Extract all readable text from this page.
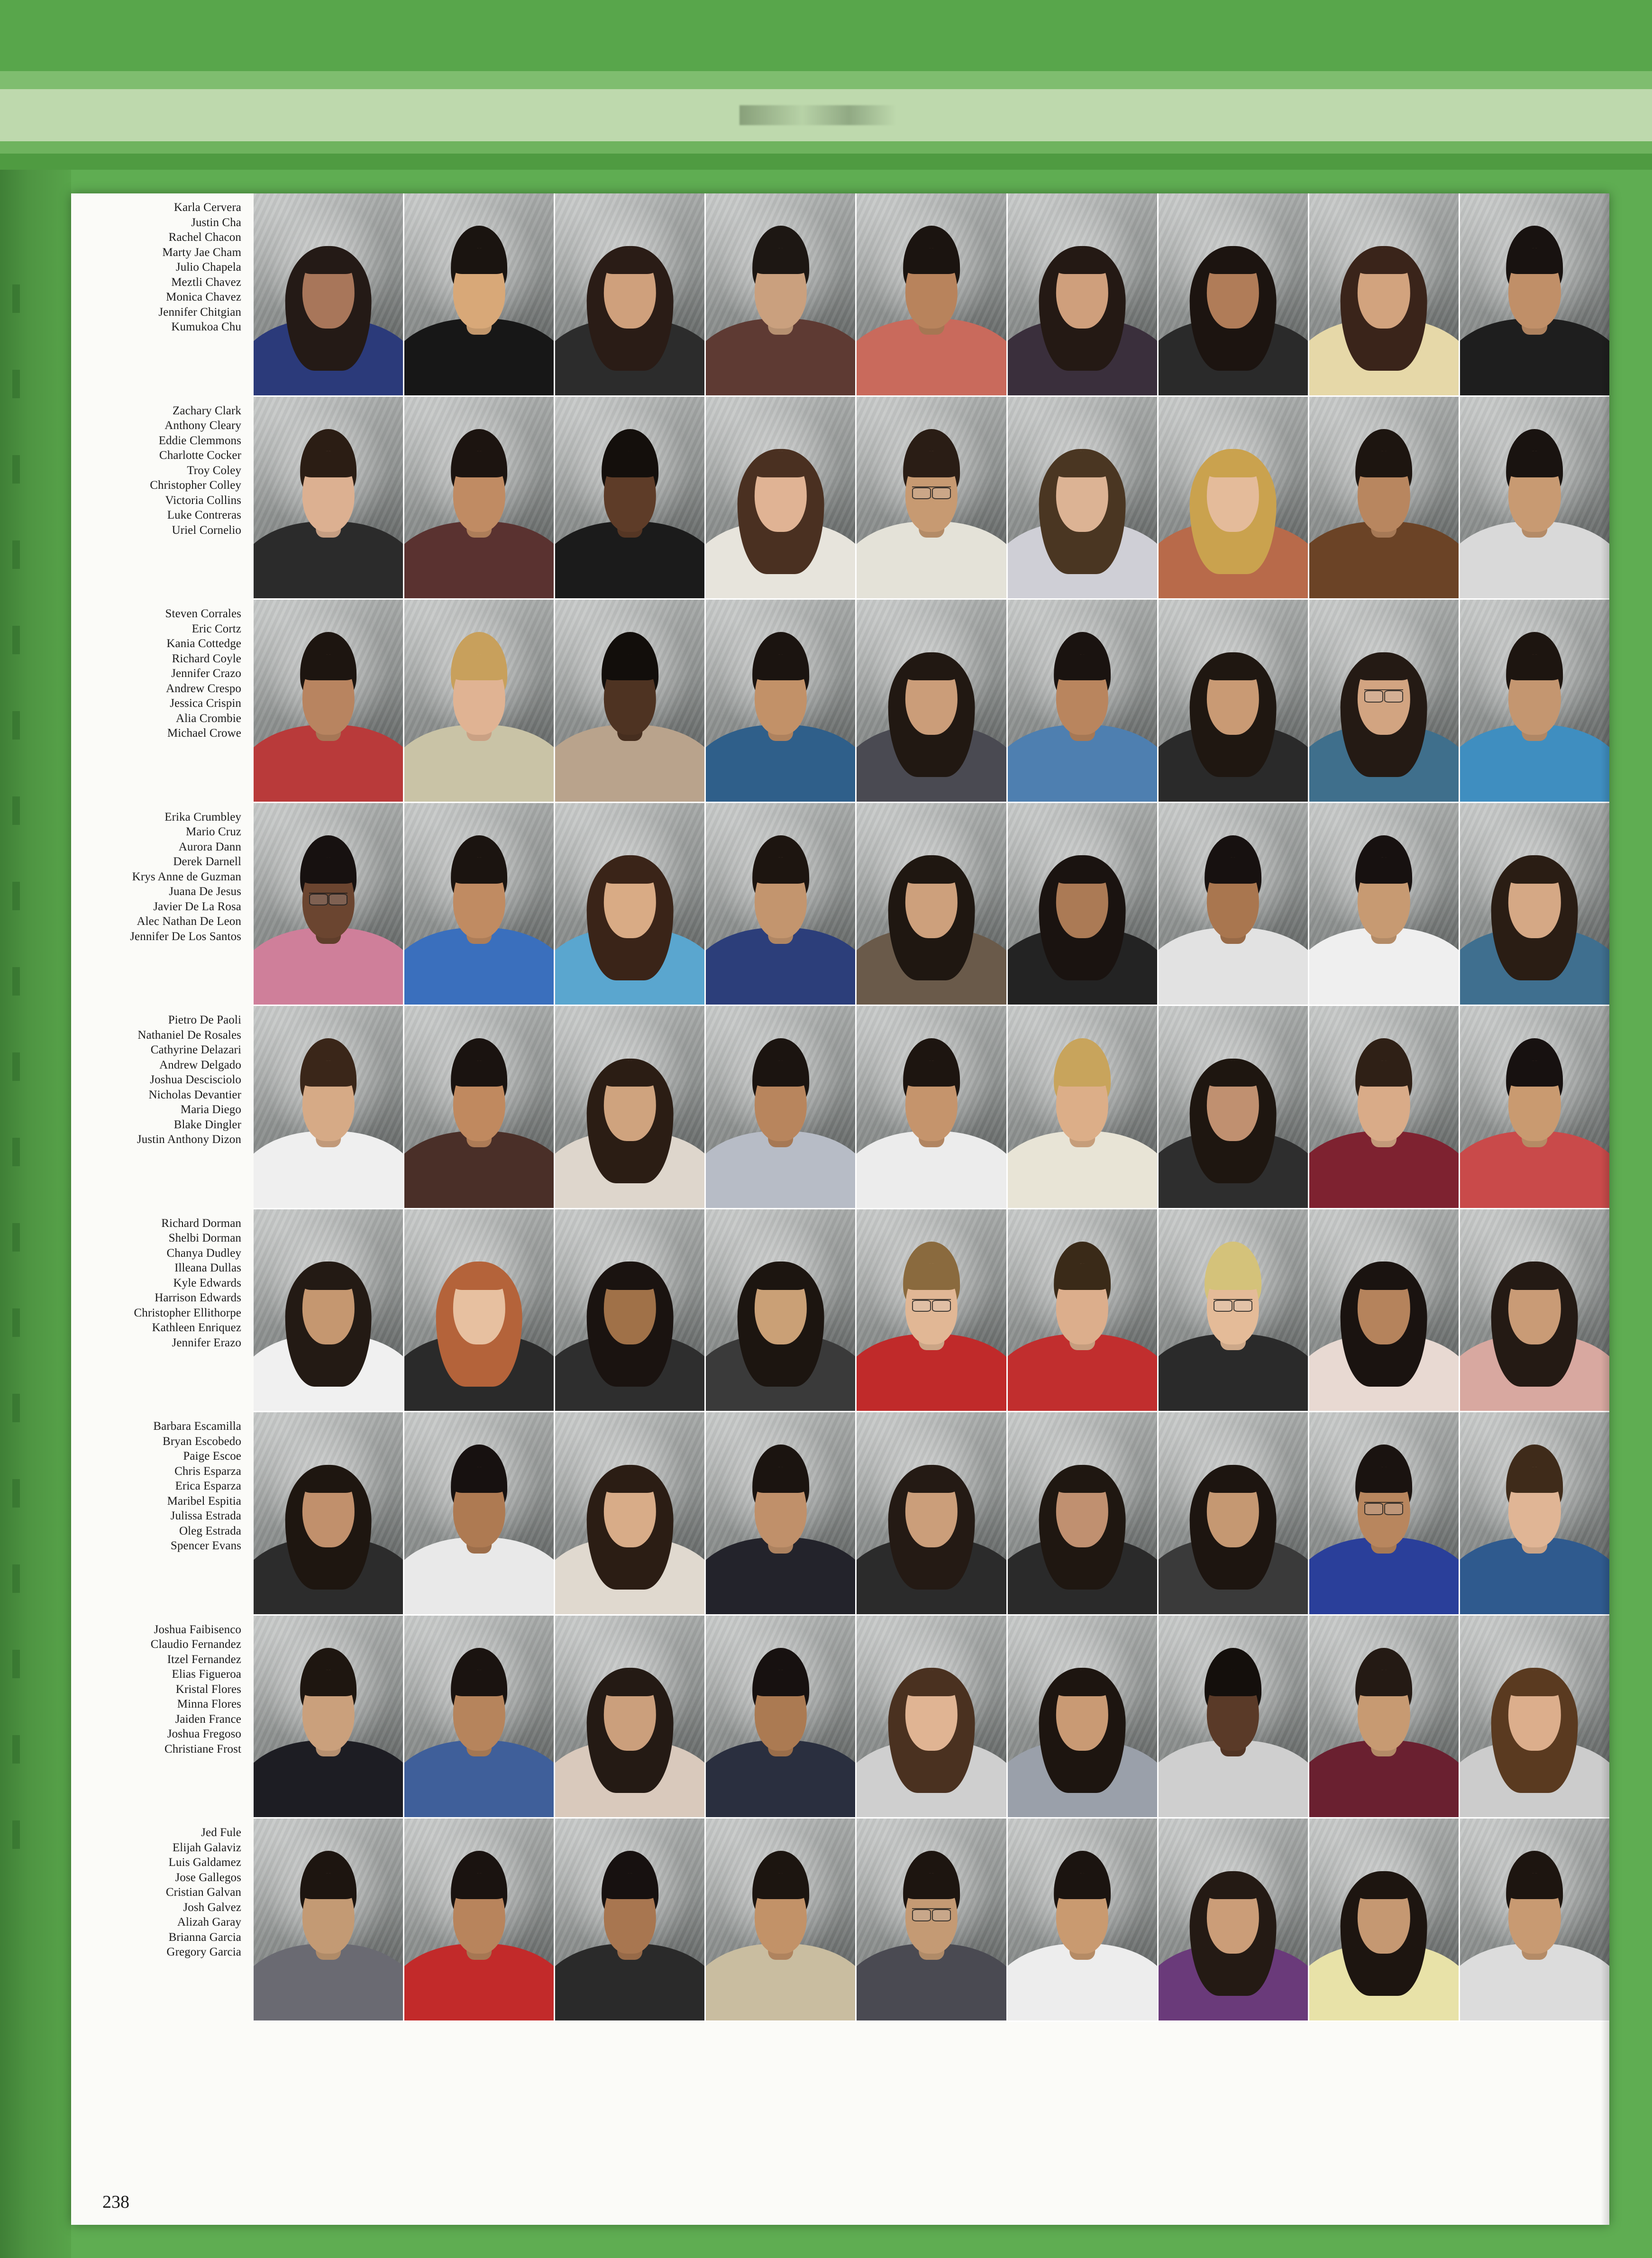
Karla Cervera
Justin Cha
Rachel Chacon
Marty Jae Cham
Julio Chapela
Meztli Chavez
Monica Chavez
Jennifer Chitgian
Kumukoa Chu
Zachary Clark
Anthony Cleary
Eddie Clemmons
Charlotte Cocker
Troy Coley
Christopher Colley
Victoria Collins
Luke Contreras
Uriel Cornelio
Steven Corrales
Eric Cortz
Kania Cottedge
Richard Coyle
Jennifer Crazo
Andrew Crespo
Jessica Crispin
Alia Crombie
Michael Crowe
Erika Crumbley
Mario Cruz
Aurora Dann
Derek Darnell
Krys Anne de Guzman
Juana De Jesus
Javier De La Rosa
Alec Nathan De Leon
Jennifer De Los Santos
Pietro De Paoli
Nathaniel De Rosales
Cathyrine Delazari
Andrew Delgado
Joshua Descisciolo
Nicholas Devantier
Maria Diego
Blake Dingler
Justin Anthony Dizon
Richard Dorman
Shelbi Dorman
Chanya Dudley
Illeana Dullas
Kyle Edwards
Harrison Edwards
Christopher Ellithorpe
Kathleen Enriquez
Jennifer Erazo
Barbara Escamilla
Bryan Escobedo
Paige Escoe
Chris Esparza
Erica Esparza
Maribel Espitia
Julissa Estrada
Oleg Estrada
Spencer Evans
Joshua Faibisenco
Claudio Fernandez
Itzel Fernandez
Elias Figueroa
Kristal Flores
Minna Flores
Jaiden France
Joshua Fregoso
Christiane Frost
Jed Fule
Elijah Galaviz
Luis Galdamez
Jose Gallegos
Cristian Galvan
Josh Galvez
Alizah Garay
Brianna Garcia
Gregory Garcia
238
